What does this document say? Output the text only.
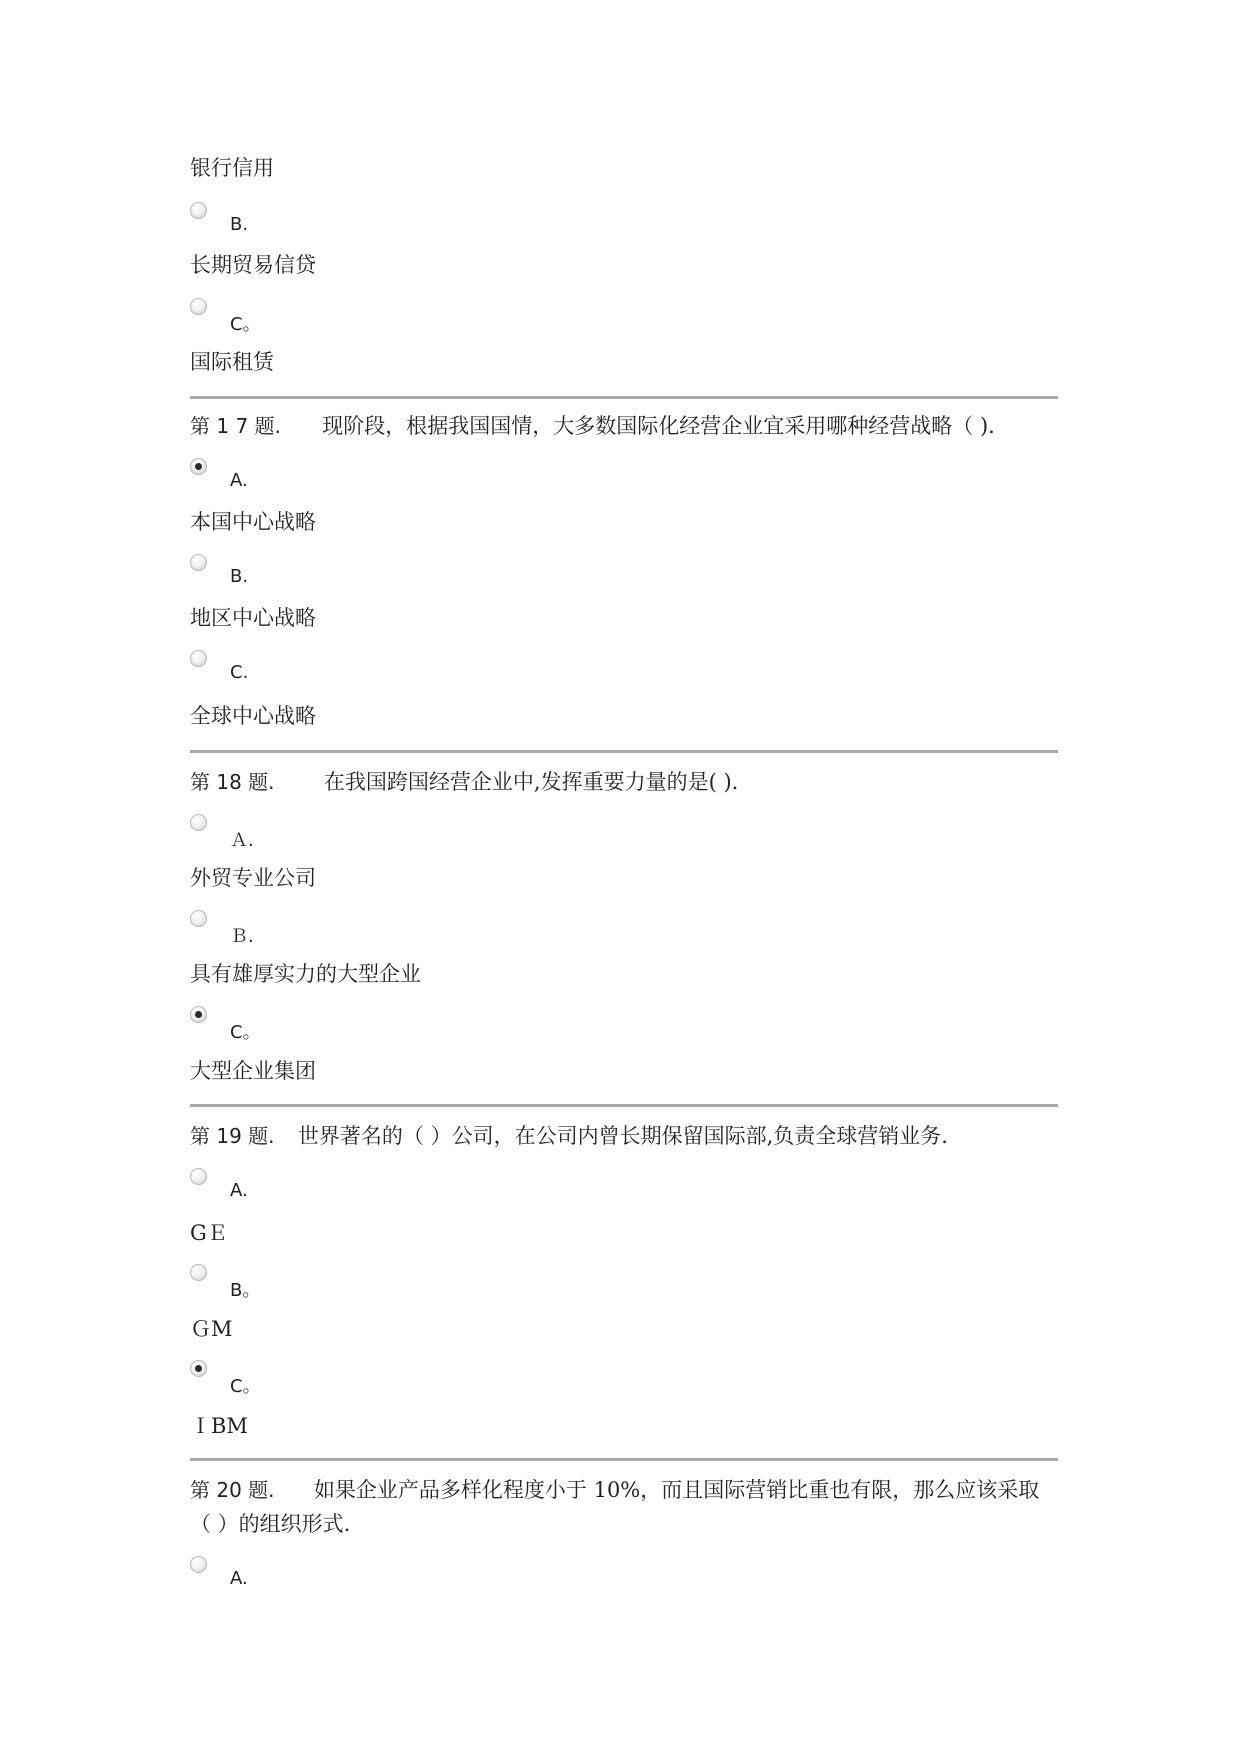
银行信用
B.
长期贸易信贷
C。
国际租赁
第 1 7 题. 现阶段，根据我国国情，大多数国际化经营企业宜采用哪种经营战略（ ).
A.
本国中心战略
B.
地区中心战略
C.
全球中心战略
第 18 题. 在我国跨国经营企业中,发挥重要力量的是( ).
Ａ.
外贸专业公司
Ｂ.
具有雄厚实力的大型企业
C。
大型企业集团
第 19 题. 世界著名的（ ）公司，在公司内曾长期保留国际部,负责全球营销业务.
A.
GＥ
B。
ＧM
C。
ＩBM
第 20 题. 如果企业产品多样化程度小于 10%，而且国际营销比重也有限，那么应该采取
（ ）的组织形式.
A.
